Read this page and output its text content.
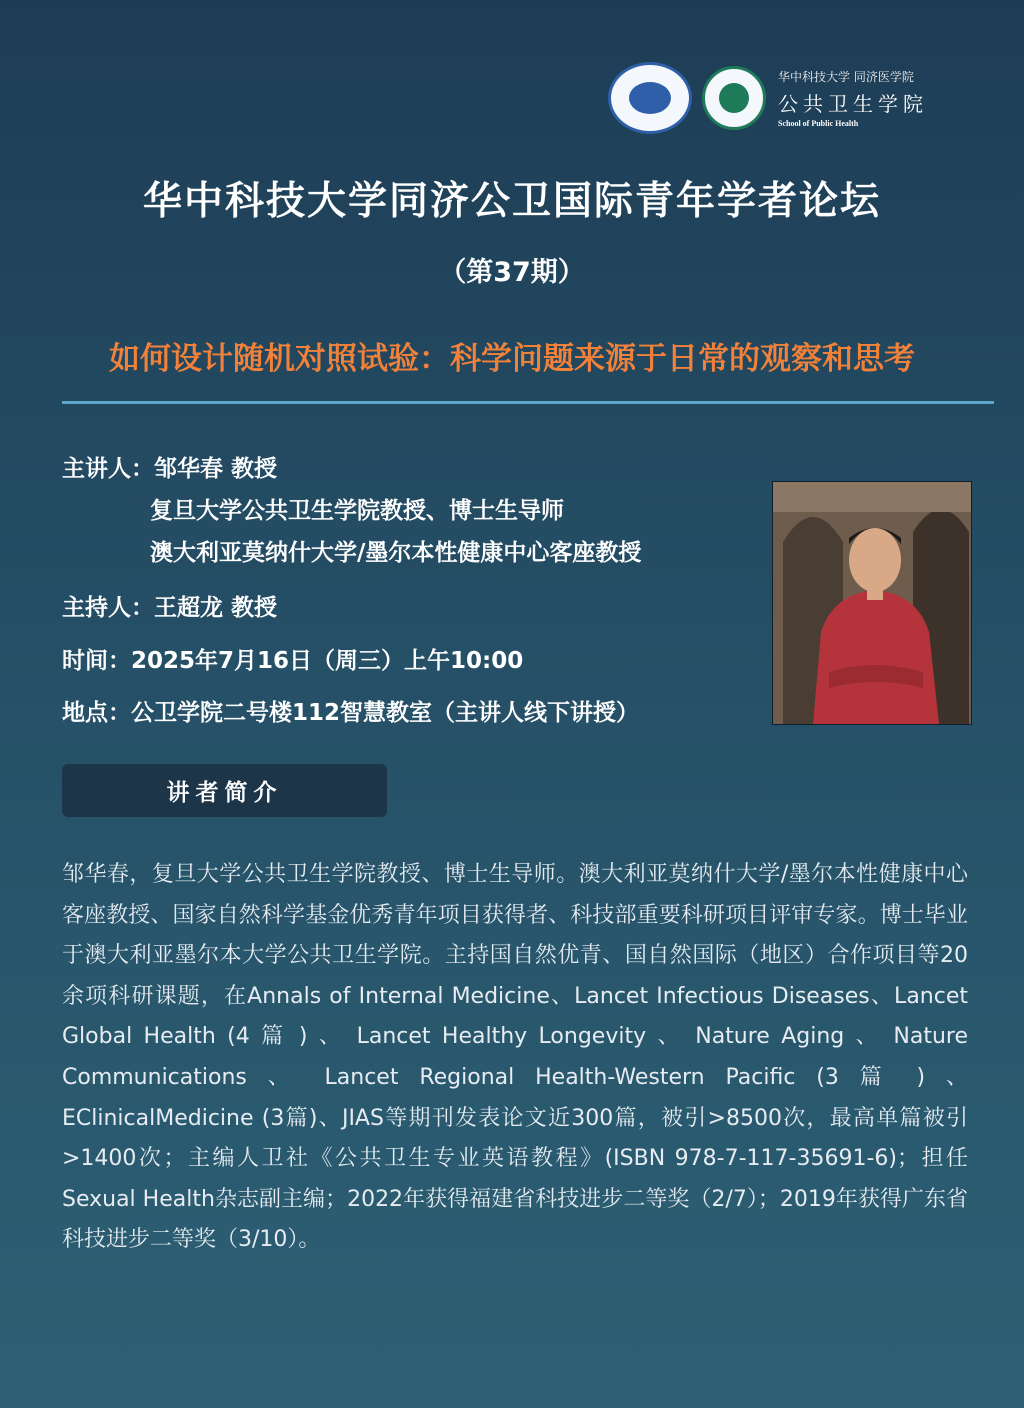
华中科技大学 同济医学院
公共卫生学院
School of Public Health
华中科技大学同济公卫国际青年学者论坛
（第37期）
如何设计随机对照试验：科学问题来源于日常的观察和思考
主讲人：邹华春 教授
复旦大学公共卫生学院教授、博士生导师
澳大利亚莫纳什大学/墨尔本性健康中心客座教授
主持人：王超龙 教授
时间：2025年7月16日（周三）上午10:00
地点：公卫学院二号楼112智慧教室（主讲人线下讲授）
讲者简介
邹华春，复旦大学公共卫生学院教授、博士生导师。澳大利亚莫纳什大学/墨尔本性健康中心客座教授、国家自然科学基金优秀青年项目获得者、科技部重要科研项目评审专家。博士毕业于澳大利亚墨尔本大学公共卫生学院。主持国自然优青、国自然国际（地区）合作项目等20余项科研课题，在Annals of Internal Medicine、Lancet Infectious Diseases、Lancet Global Health (4 篇 ) 、 Lancet Healthy Longevity 、 Nature Aging 、 Nature Communications 、 Lancet Regional Health-Western Pacific (3 篇 ) 、EClinicalMedicine (3篇)、JIAS等期刊发表论文近300篇，被引>8500次，最高单篇被引>1400次；主编人卫社《公共卫生专业英语教程》(ISBN 978-7-117-35691-6)；担任Sexual Health杂志副主编；2022年获得福建省科技进步二等奖（2/7）；2019年获得广东省科技进步二等奖（3/10）。
